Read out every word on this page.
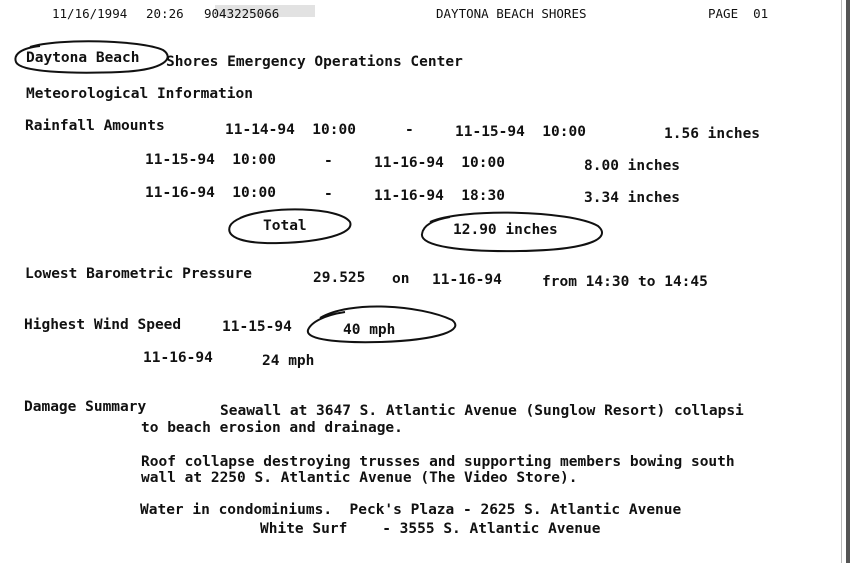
11/16/1994 20:26 9043225066	DAYTONA BEACH SHORES	PAGE  01
Daytona Beach Shores Emergency Operations Center
Meteorological Information
Rainfall Amounts	11-14-94  10:00	-	11-15-94  10:00	1.56 inches
11-15-94  10:00	-	11-16-94  10:00	8.00 inches
11-16-94  10:00	-	11-16-94  18:30	3.34 inches
Total	12.90 inches
Lowest Barometric Pressure	29.525 on 11-16-94	from 14:30 to 14:45
Highest Wind Speed	11-15-94	40 mph
11-16-94	24 mph
Damage Summary	Seawall at 3647 S. Atlantic Avenue (Sunglow Resort) collapsi
to beach erosion and drainage.
Roof collapse destroying trusses and supporting members bowing south
wall at 2250 S. Atlantic Avenue (The Video Store).
Water in condominiums.  Peck's Plaza - 2625 S. Atlantic Avenue
White Surf    - 3555 S. Atlantic Avenue
